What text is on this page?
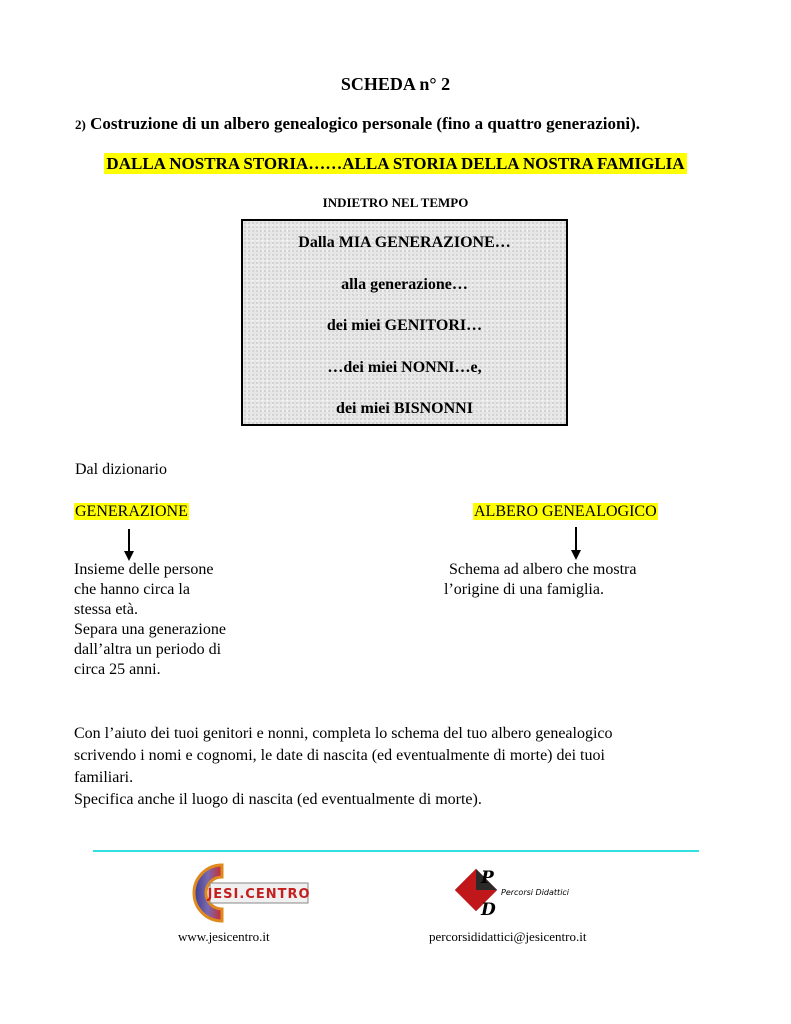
SCHEDA n° 2
2) Costruzione di un albero genealogico personale (fino a quattro generazioni).
DALLA NOSTRA STORIA……ALLA STORIA DELLA NOSTRA FAMIGLIA
INDIETRO NEL TEMPO
Dalla MIA GENERAZIONE…
alla generazione…
dei miei GENITORI…
…dei miei NONNI…e,
dei miei BISNONNI
Dal dizionario
GENERAZIONE	ALBERO GENEALOGICO
Insieme delle persone
che hanno circa la
stessa età.
Separa una generazione
dall’altra un periodo di
circa 25 anni.
Schema ad albero che mostra
l’origine di una famiglia.
Con l’aiuto dei tuoi genitori e nonni, completa lo schema del tuo albero genealogico
scrivendo i nomi e cognomi, le date di nascita (ed eventualmente di morte) dei tuoi
familiari.
Specifica anche il luogo di nascita (ed eventualmente di morte).
JESI.CENTRO
P
D
Percorsi Didattici
www.jesicentro.it	percorsididattici@jesicentro.it
